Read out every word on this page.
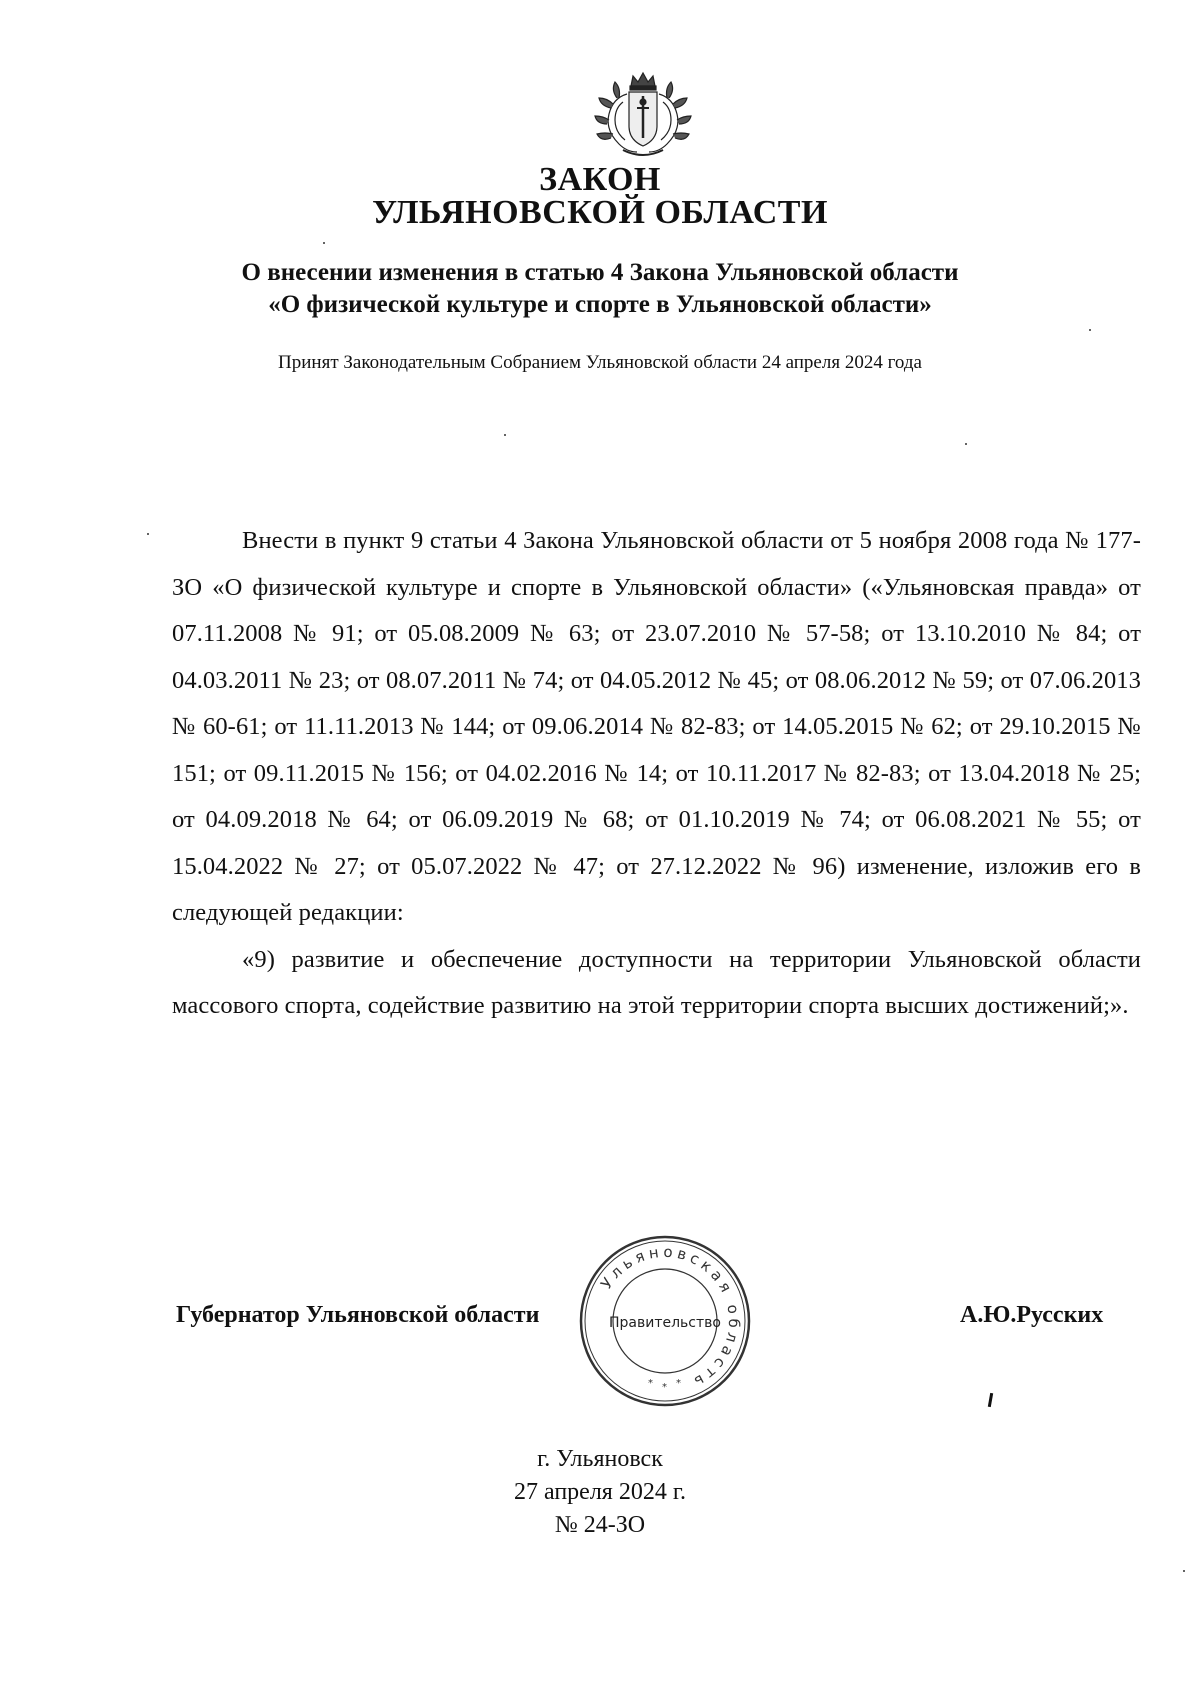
ЗАКОН
УЛЬЯНОВСКОЙ ОБЛАСТИ
О внесении изменения в статью 4 Закона Ульяновской области
«О физической культуре и спорте в Ульяновской области»
Принят Законодательным Собранием Ульяновской области 24 апреля 2024 года

Внести в пункт 9 статьи 4 Закона Ульяновской области от 5 ноября 2008 года № 177-ЗО «О физической культуре и спорте в Ульяновской области» («Ульяновская правда» от 07.11.2008 № 91; от 05.08.2009 № 63; от 23.07.2010 № 57-58; от 13.10.2010 № 84; от 04.03.2011 № 23; от 08.07.2011 № 74; от 04.05.2012 № 45; от 08.06.2012 № 59; от 07.06.2013 № 60-61; от 11.11.2013 № 144; от 09.06.2014 № 82-83; от 14.05.2015 № 62; от 29.10.2015 № 151; от 09.11.2015 № 156; от 04.02.2016 № 14; от 10.11.2017 № 82-83; от 13.04.2018 № 25; от 04.09.2018 № 64; от 06.09.2019 № 68; от 01.10.2019 № 74; от 06.08.2021 № 55; от 15.04.2022 № 27; от 05.07.2022 № 47; от 27.12.2022 № 96) изменение, изложив его в следующей редакции:

«9) развитие и обеспечение доступности на территории Ульяновской области массового спорта, содействие развитию на этой территории спорта высших достижений;».

Губернатор Ульяновской области	А.Ю.Русских
Ульяновская область
Правительство
* * *
г. Ульяновск
27 апреля 2024 г.
№ 24-ЗО
